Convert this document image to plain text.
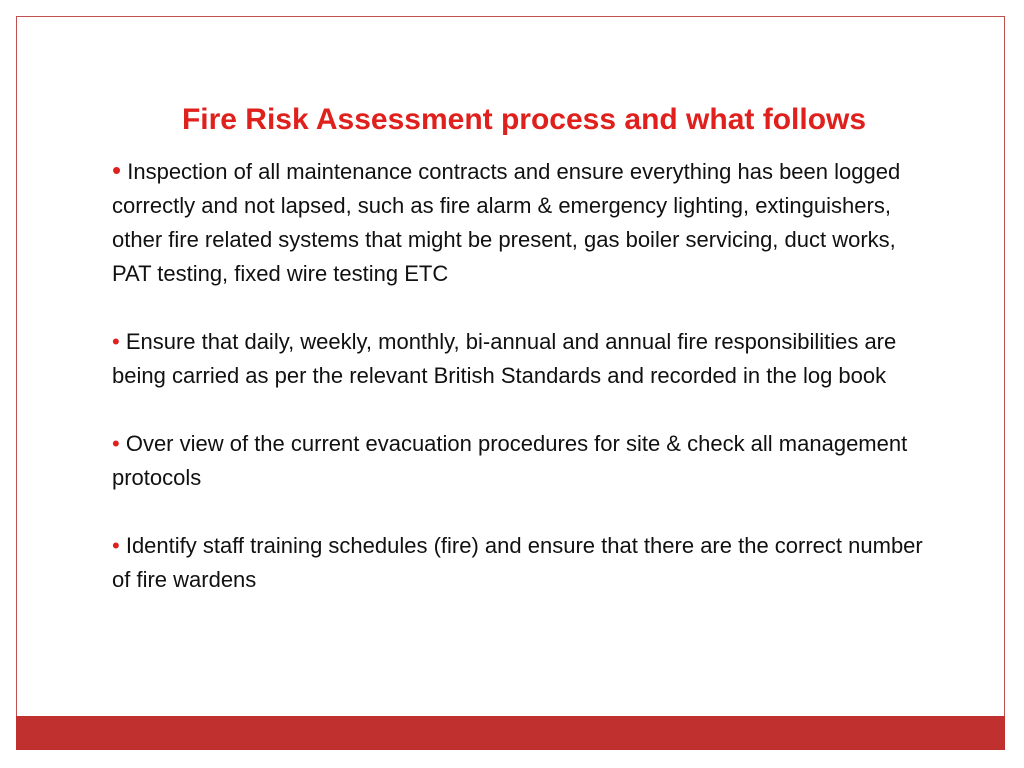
Fire Risk Assessment process and what follows

• Inspection of all maintenance contracts and ensure everything has been logged correctly and not lapsed, such as fire alarm & emergency lighting, extinguishers, other fire related systems that might be present, gas boiler servicing, duct works, PAT testing, fixed wire testing ETC

• Ensure that daily, weekly, monthly, bi-annual and annual fire responsibilities are being carried as per the relevant British Standards and recorded in the log book

• Over view of the current evacuation procedures for site & check all management protocols

• Identify staff training schedules (fire) and ensure that there are the correct number of fire wardens
